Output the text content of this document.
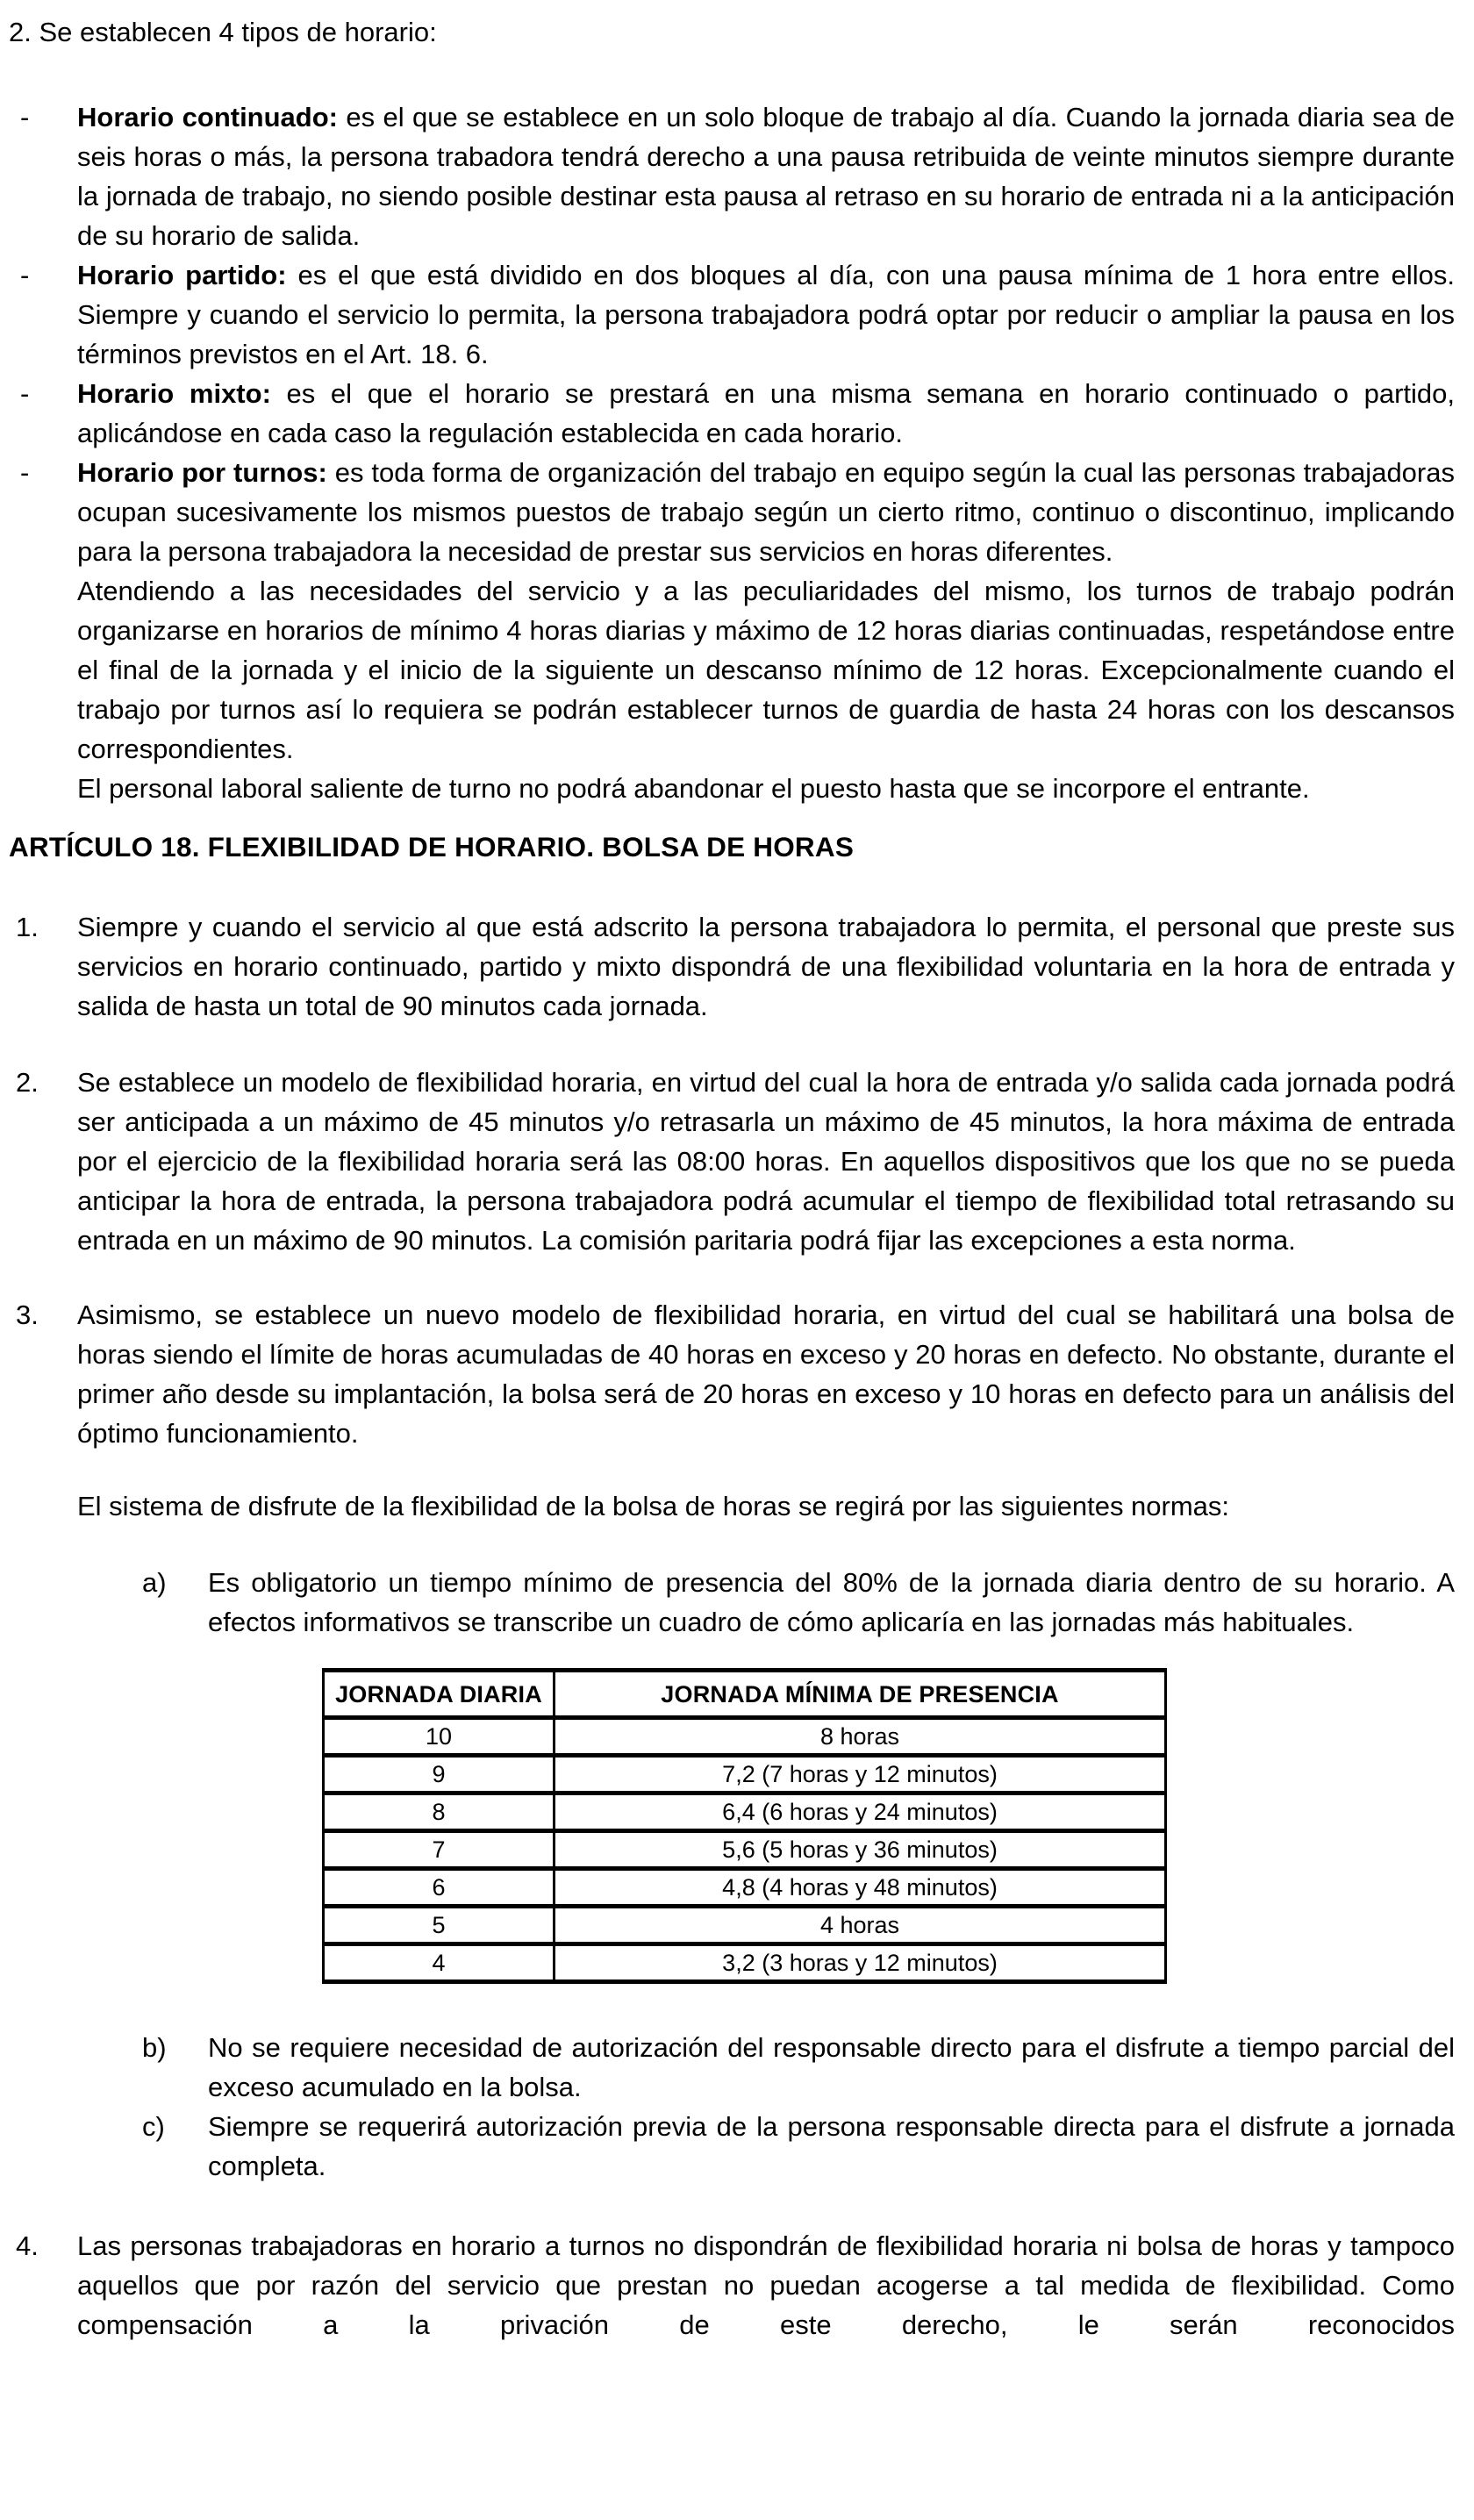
2. Se establecen 4 tipos de horario:

- Horario continuado: es el que se establece en un solo bloque de trabajo al día. Cuando la jornada diaria sea de seis horas o más, la persona trabadora tendrá derecho a una pausa retribuida de veinte minutos siempre durante la jornada de trabajo, no siendo posible destinar esta pausa al retraso en su horario de entrada ni a la anticipación de su horario de salida.

- Horario partido: es el que está dividido en dos bloques al día, con una pausa mínima de 1 hora entre ellos. Siempre y cuando el servicio lo permita, la persona trabajadora podrá optar por reducir o ampliar la pausa en los términos previstos en el Art. 18. 6.

- Horario mixto: es el que el horario se prestará en una misma semana en horario continuado o partido, aplicándose en cada caso la regulación establecida en cada horario.

- Horario por turnos: es toda forma de organización del trabajo en equipo según la cual las personas trabajadoras ocupan sucesivamente los mismos puestos de trabajo según un cierto ritmo, continuo o discontinuo, implicando para la persona trabajadora la necesidad de prestar sus servicios en horas diferentes.

Atendiendo a las necesidades del servicio y a las peculiaridades del mismo, los turnos de trabajo podrán organizarse en horarios de mínimo 4 horas diarias y máximo de 12 horas diarias continuadas, respetándose entre el final de la jornada y el inicio de la siguiente un descanso mínimo de 12 horas. Excepcionalmente cuando el trabajo por turnos así lo requiera se podrán establecer turnos de guardia de hasta 24 horas con los descansos correspondientes.

El personal laboral saliente de turno no podrá abandonar el puesto hasta que se incorpore el entrante.

ARTÍCULO 18. FLEXIBILIDAD DE HORARIO. BOLSA DE HORAS
1. Siempre y cuando el servicio al que está adscrito la persona trabajadora lo permita, el personal que preste sus servicios en horario continuado, partido y mixto dispondrá de una flexibilidad voluntaria en la hora de entrada y salida de hasta un total de 90 minutos cada jornada.

2. Se establece un modelo de flexibilidad horaria, en virtud del cual la hora de entrada y/o salida cada jornada podrá ser anticipada a un máximo de 45 minutos y/o retrasarla un máximo de 45 minutos, la hora máxima de entrada por el ejercicio de la flexibilidad horaria será las 08:00 horas. En aquellos dispositivos que los que no se pueda anticipar la hora de entrada, la persona trabajadora podrá acumular el tiempo de flexibilidad total retrasando su entrada en un máximo de 90 minutos. La comisión paritaria podrá fijar las excepciones a esta norma.

3. Asimismo, se establece un nuevo modelo de flexibilidad horaria, en virtud del cual se habilitará una bolsa de horas siendo el límite de horas acumuladas de 40 horas en exceso y 20 horas en defecto. No obstante, durante el primer año desde su implantación, la bolsa será de 20 horas en exceso y 10 horas en defecto para un análisis del óptimo funcionamiento.

El sistema de disfrute de la flexibilidad de la bolsa de horas se regirá por las siguientes normas:

a) Es obligatorio un tiempo mínimo de presencia del 80% de la jornada diaria dentro de su horario. A efectos informativos se transcribe un cuadro de cómo aplicaría en las jornadas más habituales.

JORNADA DIARIA	JORNADA MÍNIMA DE PRESENCIA
10	8 horas
9	7,2 (7 horas y 12 minutos)
8	6,4 (6 horas y 24 minutos)
7	5,6 (5 horas y 36 minutos)
6	4,8 (4 horas y 48 minutos)
5	4 horas
4	3,2 (3 horas y 12 minutos)
b) No se requiere necesidad de autorización del responsable directo para el disfrute a tiempo parcial del exceso acumulado en la bolsa.

c) Siempre se requerirá autorización previa de la persona responsable directa para el disfrute a jornada completa.

4. Las personas trabajadoras en horario a turnos no dispondrán de flexibilidad horaria ni bolsa de horas y tampoco aquellos que por razón del servicio que prestan no puedan acogerse a tal medida de flexibilidad. Como compensación a la privación de este derecho, le serán reconocidos
